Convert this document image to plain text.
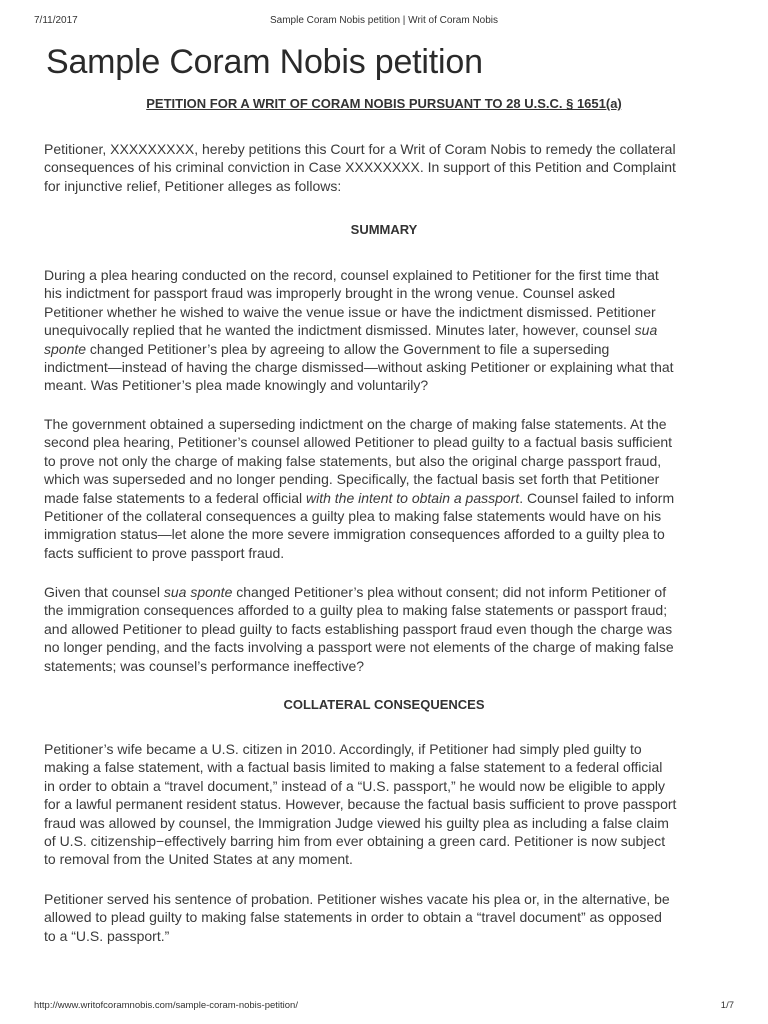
7/11/2017	Sample Coram Nobis petition | Writ of Coram Nobis
Sample Coram Nobis petition

PETITION FOR A WRIT OF CORAM NOBIS PURSUANT TO 28 U.S.C. § 1651(a)

Petitioner, XXXXXXXXX, hereby petitions this Court for a Writ of Coram Nobis to remedy the collateral
consequences of his criminal conviction in Case XXXXXXXX. In support of this Petition and Complaint
for injunctive relief, Petitioner alleges as follows:

SUMMARY

During a plea hearing conducted on the record, counsel explained to Petitioner for the first time that
his indictment for passport fraud was improperly brought in the wrong venue. Counsel asked
Petitioner whether he wished to waive the venue issue or have the indictment dismissed. Petitioner
unequivocally replied that he wanted the indictment dismissed. Minutes later, however, counsel sua
sponte changed Petitioner’s plea by agreeing to allow the Government to file a superseding
indictment—instead of having the charge dismissed—without asking Petitioner or explaining what that
meant. Was Petitioner’s plea made knowingly and voluntarily?

The government obtained a superseding indictment on the charge of making false statements. At the
second plea hearing, Petitioner’s counsel allowed Petitioner to plead guilty to a factual basis sufficient
to prove not only the charge of making false statements, but also the original charge passport fraud,
which was superseded and no longer pending. Specifically, the factual basis set forth that Petitioner
made false statements to a federal official with the intent to obtain a passport. Counsel failed to inform
Petitioner of the collateral consequences a guilty plea to making false statements would have on his
immigration status—let alone the more severe immigration consequences afforded to a guilty plea to
facts sufficient to prove passport fraud.

Given that counsel sua sponte changed Petitioner’s plea without consent; did not inform Petitioner of
the immigration consequences afforded to a guilty plea to making false statements or passport fraud;
and allowed Petitioner to plead guilty to facts establishing passport fraud even though the charge was
no longer pending, and the facts involving a passport were not elements of the charge of making false
statements; was counsel’s performance ineffective?

COLLATERAL CONSEQUENCES

Petitioner’s wife became a U.S. citizen in 2010. Accordingly, if Petitioner had simply pled guilty to
making a false statement, with a factual basis limited to making a false statement to a federal official
in order to obtain a “travel document,” instead of a “U.S. passport,” he would now be eligible to apply
for a lawful permanent resident status. However, because the factual basis sufficient to prove passport
fraud was allowed by counsel, the Immigration Judge viewed his guilty plea as including a false claim
of U.S. citizenship−effectively barring him from ever obtaining a green card. Petitioner is now subject
to removal from the United States at any moment.

Petitioner served his sentence of probation. Petitioner wishes vacate his plea or, in the alternative, be
allowed to plead guilty to making false statements in order to obtain a “travel document” as opposed
to a “U.S. passport.”

http://www.writofcoramnobis.com/sample-coram-nobis-petition/	1/7
